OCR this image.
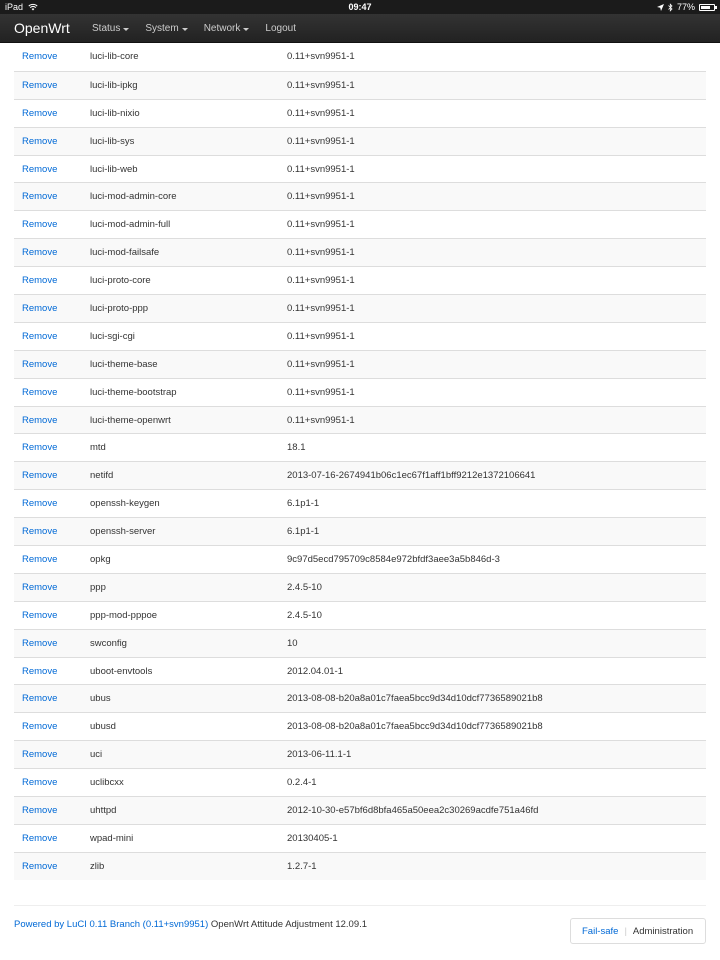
iPad	09:47	77%
OpenWrt Status	System	Network	Logout
Remove	luci-lib-core	0.11+svn9951-1
Remove	luci-lib-ipkg	0.11+svn9951-1
Remove	luci-lib-nixio	0.11+svn9951-1
Remove	luci-lib-sys	0.11+svn9951-1
Remove	luci-lib-web	0.11+svn9951-1
Remove	luci-mod-admin-core	0.11+svn9951-1
Remove	luci-mod-admin-full	0.11+svn9951-1
Remove	luci-mod-failsafe	0.11+svn9951-1
Remove	luci-proto-core	0.11+svn9951-1
Remove	luci-proto-ppp	0.11+svn9951-1
Remove	luci-sgi-cgi	0.11+svn9951-1
Remove	luci-theme-base	0.11+svn9951-1
Remove	luci-theme-bootstrap	0.11+svn9951-1
Remove	luci-theme-openwrt	0.11+svn9951-1
Remove	mtd	18.1
Remove	netifd	2013-07-16-2674941b06c1ec67f1aff1bff9212e1372106641
Remove	openssh-keygen	6.1p1-1
Remove	openssh-server	6.1p1-1
Remove	opkg	9c97d5ecd795709c8584e972bfdf3aee3a5b846d-3
Remove	ppp	2.4.5-10
Remove	ppp-mod-pppoe	2.4.5-10
Remove	swconfig	10
Remove	uboot-envtools	2012.04.01-1
Remove	ubus	2013-08-08-b20a8a01c7faea5bcc9d34d10dcf7736589021b8
Remove	ubusd	2013-08-08-b20a8a01c7faea5bcc9d34d10dcf7736589021b8
Remove	uci	2013-06-11.1-1
Remove	uclibcxx	0.2.4-1
Remove	uhttpd	2012-10-30-e57bf6d8bfa465a50eea2c30269acdfe751a46fd
Remove	wpad-mini	20130405-1
Remove	zlib	1.2.7-1
Powered by LuCI 0.11 Branch (0.11+svn9951) OpenWrt Attitude Adjustment 12.09.1
Fail-safe | Administration
